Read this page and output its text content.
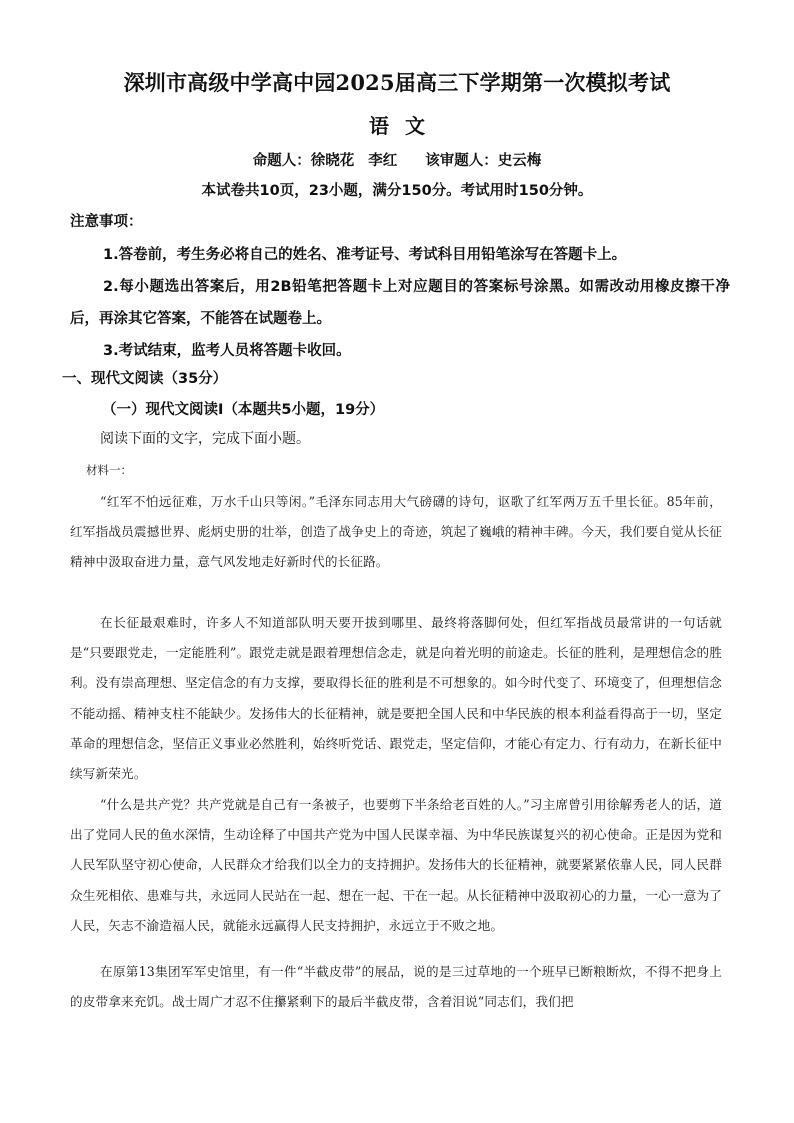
深圳市高级中学高中园2025届高三下学期第一次模拟考试
语 文
命题人：徐晓花 李红 该审题人：史云梅
本试卷共10页，23小题，满分150分。考试用时150分钟。
注意事项：
1.答卷前，考生务必将自己的姓名、准考证号、考试科目用铅笔涂写在答题卡上。
2.每小题选出答案后，用2B铅笔把答题卡上对应题目的答案标号涂黑。如需改动用橡皮擦干净后，再涂其它答案，不能答在试题卷上。
3.考试结束，监考人员将答题卡收回。
一、现代文阅读（35分）
（一）现代文阅读Ⅰ（本题共5小题，19分）
阅读下面的文字，完成下面小题。
材料一：
“红军不怕远征难，万水千山只等闲。”毛泽东同志用大气磅礴的诗句，讴歌了红军两万五千里长征。85年前，红军指战员震撼世界、彪炳史册的壮举，创造了战争史上的奇迹，筑起了巍峨的精神丰碑。今天，我们要自觉从长征精神中汲取奋进力量，意气风发地走好新时代的长征路。
在长征最艰难时，许多人不知道部队明天要开拔到哪里、最终将落脚何处，但红军指战员最常讲的一句话就是“只要跟党走，一定能胜利”。跟党走就是跟着理想信念走，就是向着光明的前途走。长征的胜利，是理想信念的胜利。没有崇高理想、坚定信念的有力支撑，要取得长征的胜利是不可想象的。如今时代变了、环境变了，但理想信念不能动摇、精神支柱不能缺少。发扬伟大的长征精神，就是要把全国人民和中华民族的根本利益看得高于一切，坚定革命的理想信念，坚信正义事业必然胜利，始终听党话、跟党走，坚定信仰，才能心有定力、行有动力，在新长征中续写新荣光。
“什么是共产党？共产党就是自己有一条被子，也要剪下半条给老百姓的人。”习主席曾引用徐解秀老人的话，道出了党同人民的鱼水深情，生动诠释了中国共产党为中国人民谋幸福、为中华民族谋复兴的初心使命。正是因为党和人民军队坚守初心使命，人民群众才给我们以全力的支持拥护。发扬伟大的长征精神，就要紧紧依靠人民，同人民群众生死相依、患难与共，永远同人民站在一起、想在一起、干在一起。从长征精神中汲取初心的力量，一心一意为了人民，矢志不渝造福人民，就能永远赢得人民支持拥护，永远立于不败之地。
在原第13集团军军史馆里，有一件“半截皮带”的展品，说的是三过草地的一个班早已断粮断炊，不得不把身上的皮带拿来充饥。战士周广才忍不住攥紧剩下的最后半截皮带，含着泪说“同志们，我们把
